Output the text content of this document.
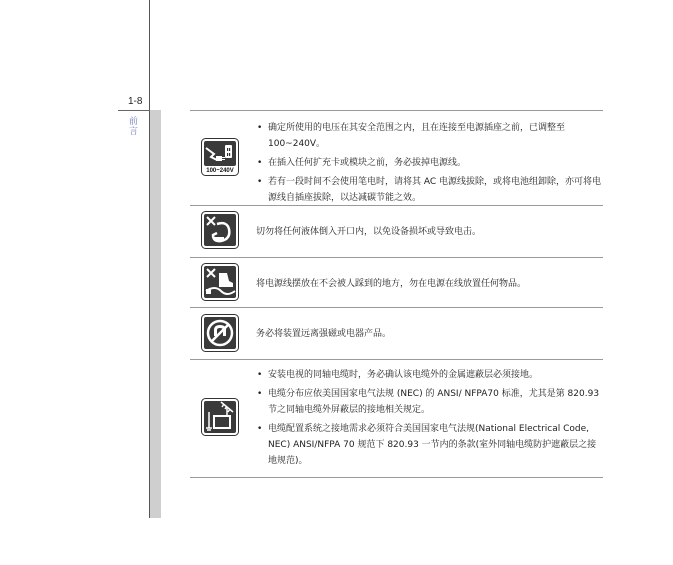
1-8
前言
100~240V
• 确定所使用的电压在其安全范围之内，且在连接至电源插座之前，已调整至 100~240V。
• 在插入任何扩充卡或模块之前，务必拔掉电源线。
• 若有一段时间不会使用笔电时，请将其 AC 电源线拔除，或将电池组卸除，亦可将电源线自插座拔除，以达减碳节能之效。
切勿将任何液体倒入开口内，以免设备损坏或导致电击。
将电源线摆放在不会被人踩到的地方，勿在电源在线放置任何物品。
务必将装置远离强磁或电器产品。
• 安装电视的同轴电缆时，务必确认该电缆外的金属遮蔽层必须接地。
• 电缆分布应依美国国家电气法规 (NEC) 的 ANSI/ NFPA70 标准，尤其是第 820.93 节之同轴电缆外屏蔽层的接地相关规定。
• 电缆配置系统之接地需求必须符合美国国家电气法规(National Electrical Code, NEC) ANSI/NFPA 70 规范下 820.93 一节内的条款(室外同轴电缆防护遮蔽层之接地规范)。
